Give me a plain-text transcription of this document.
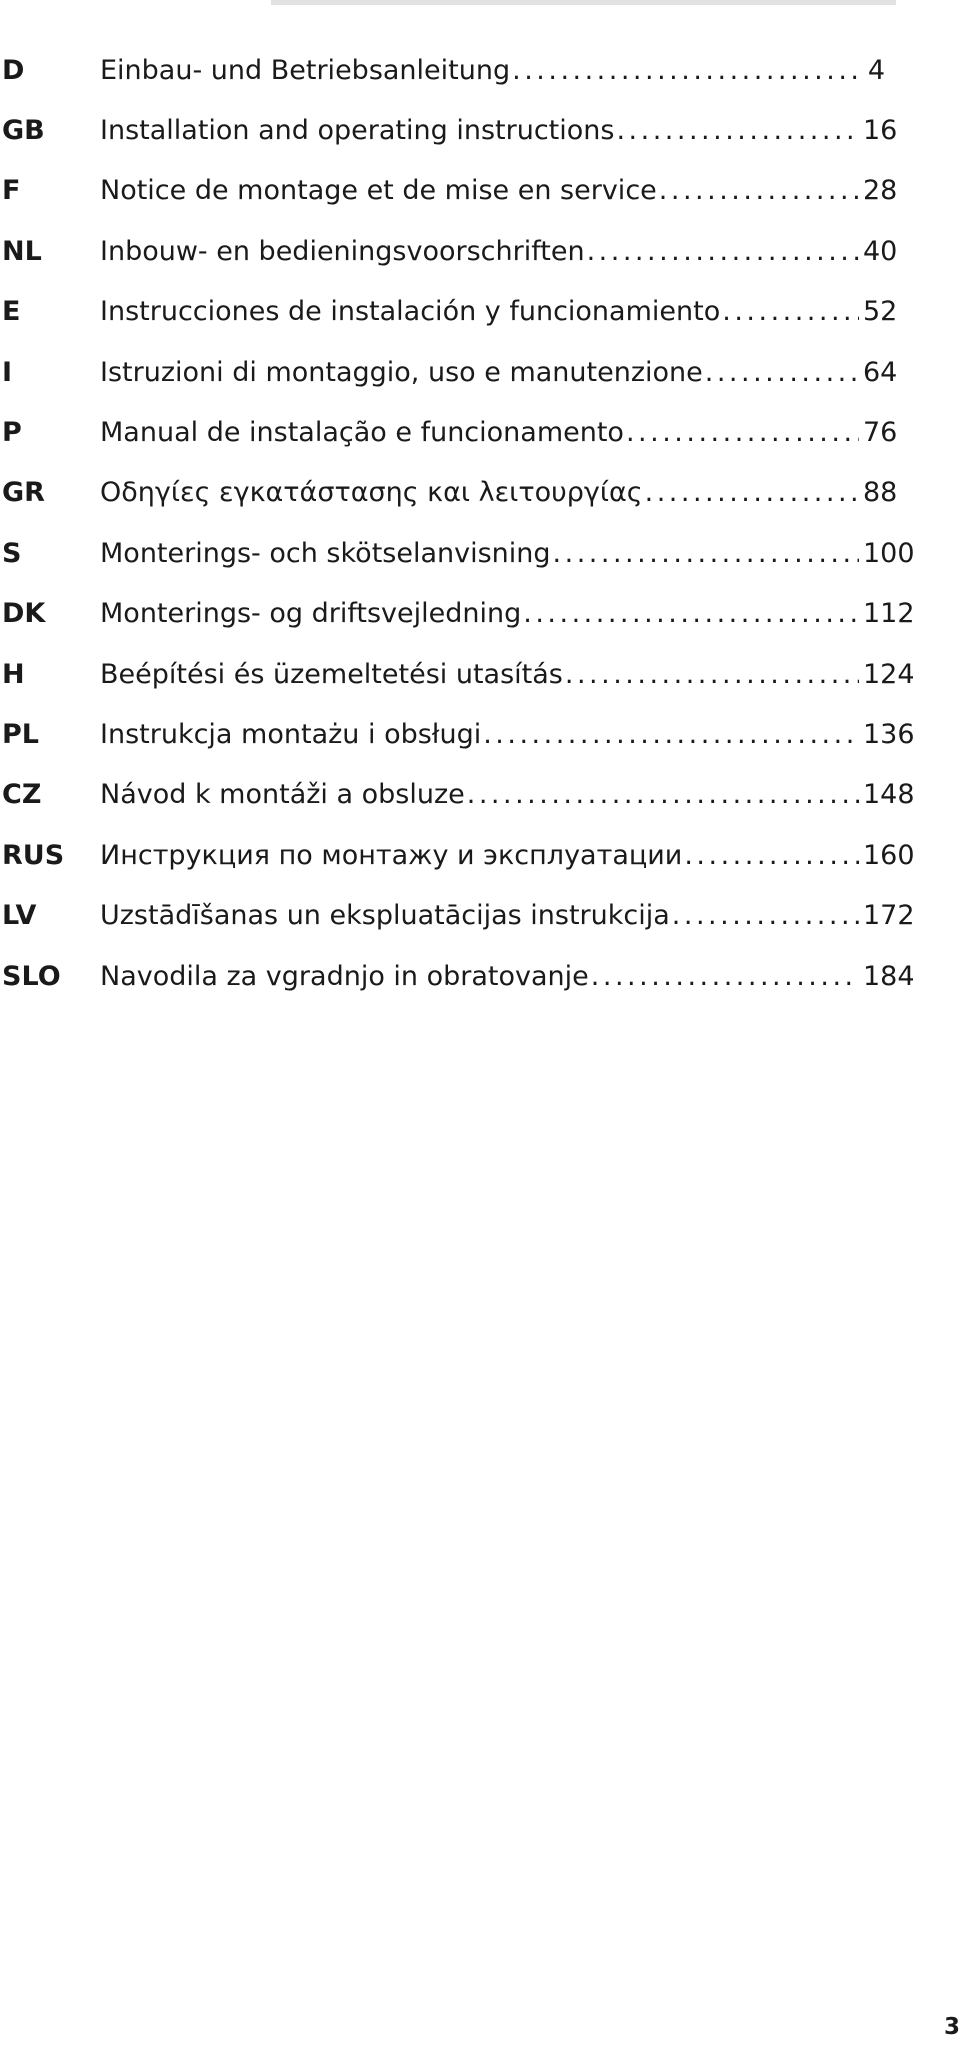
D	Einbau- und Betriebsanleitung .....	4
GB	Installation and operating instructions .....	16
F	Notice de montage et de mise en service .....	28
NL	Inbouw- en bedieningsvoorschriften .....	40
E	Instrucciones de instalación y funcionamiento .....	52
I	Istruzioni di montaggio, uso e manutenzione .....	64
P	Manual de instalação e funcionamento .....	76
GR	Οδηγίες εγκατάστασης και λειτουργίας .....	88
S	Monterings- och skötselanvisning .....	100
DK	Monterings- og driftsvejledning .....	112
H	Beépítési és üzemeltetési utasítás .....	124
PL	Instrukcja montażu i obsługi .....	136
CZ	Návod k montáži a obsluze .....	148
RUS	Инструкция по монтажу и эксплуатации .....	160
LV	Uzstādīšanas un ekspluatācijas instrukcija .....	172
SLO	Navodila za vgradnjo in obratovanje .....	184
3
